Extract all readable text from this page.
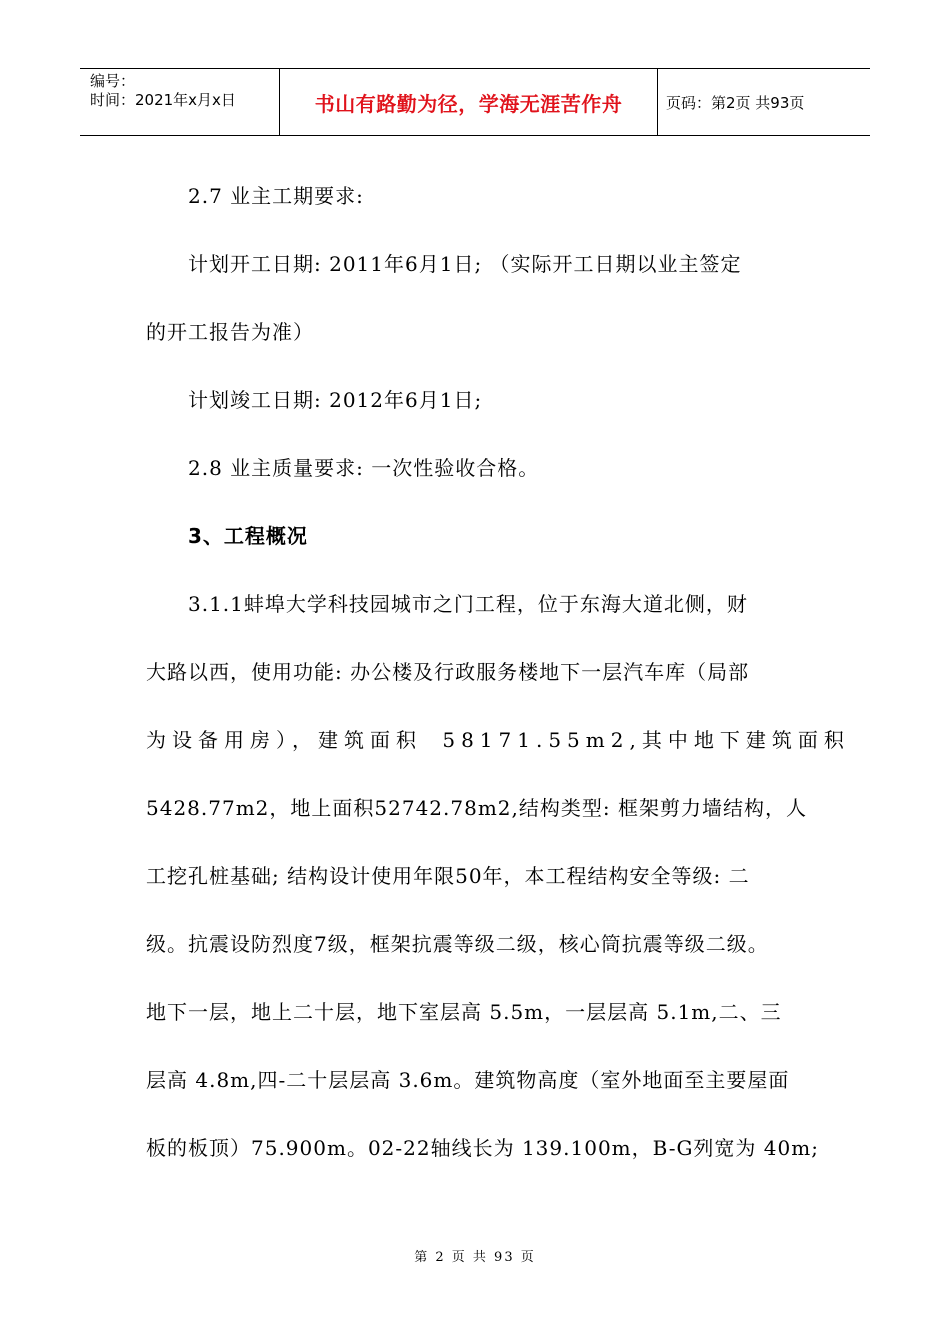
编号：
时间：2021年x月x日	书山有路勤为径，学海无涯苦作舟	页码：第2页 共93页
2.7 业主工期要求:
计划开工日期: 2011年6月1日; （实际开工日期以业主签定
的开工报告为准）
计划竣工日期: 2012年6月1日;
2.8 业主质量要求: 一次性验收合格。
3、工程概况
3.1.1蚌埠大学科技园城市之门工程，位于东海大道北侧，财
大路以西，使用功能: 办公楼及行政服务楼地下一层汽车库（局部
为设备用房），建筑面积 58171.55m2,其中地下建筑面积
5428.77m2，地上面积52742.78m2,结构类型: 框架剪力墙结构，人
工挖孔桩基础; 结构设计使用年限50年，本工程结构安全等级: 二
级。抗震设防烈度7级，框架抗震等级二级，核心筒抗震等级二级。
地下一层，地上二十层，地下室层高 5.5m，一层层高 5.1m,二、三
层高 4.8m,四-二十层层高 3.6m。建筑物高度（室外地面至主要屋面
板的板顶）75.900m。02-22轴线长为 139.100m，B-G列宽为 40m;
第 2 页 共 93 页
